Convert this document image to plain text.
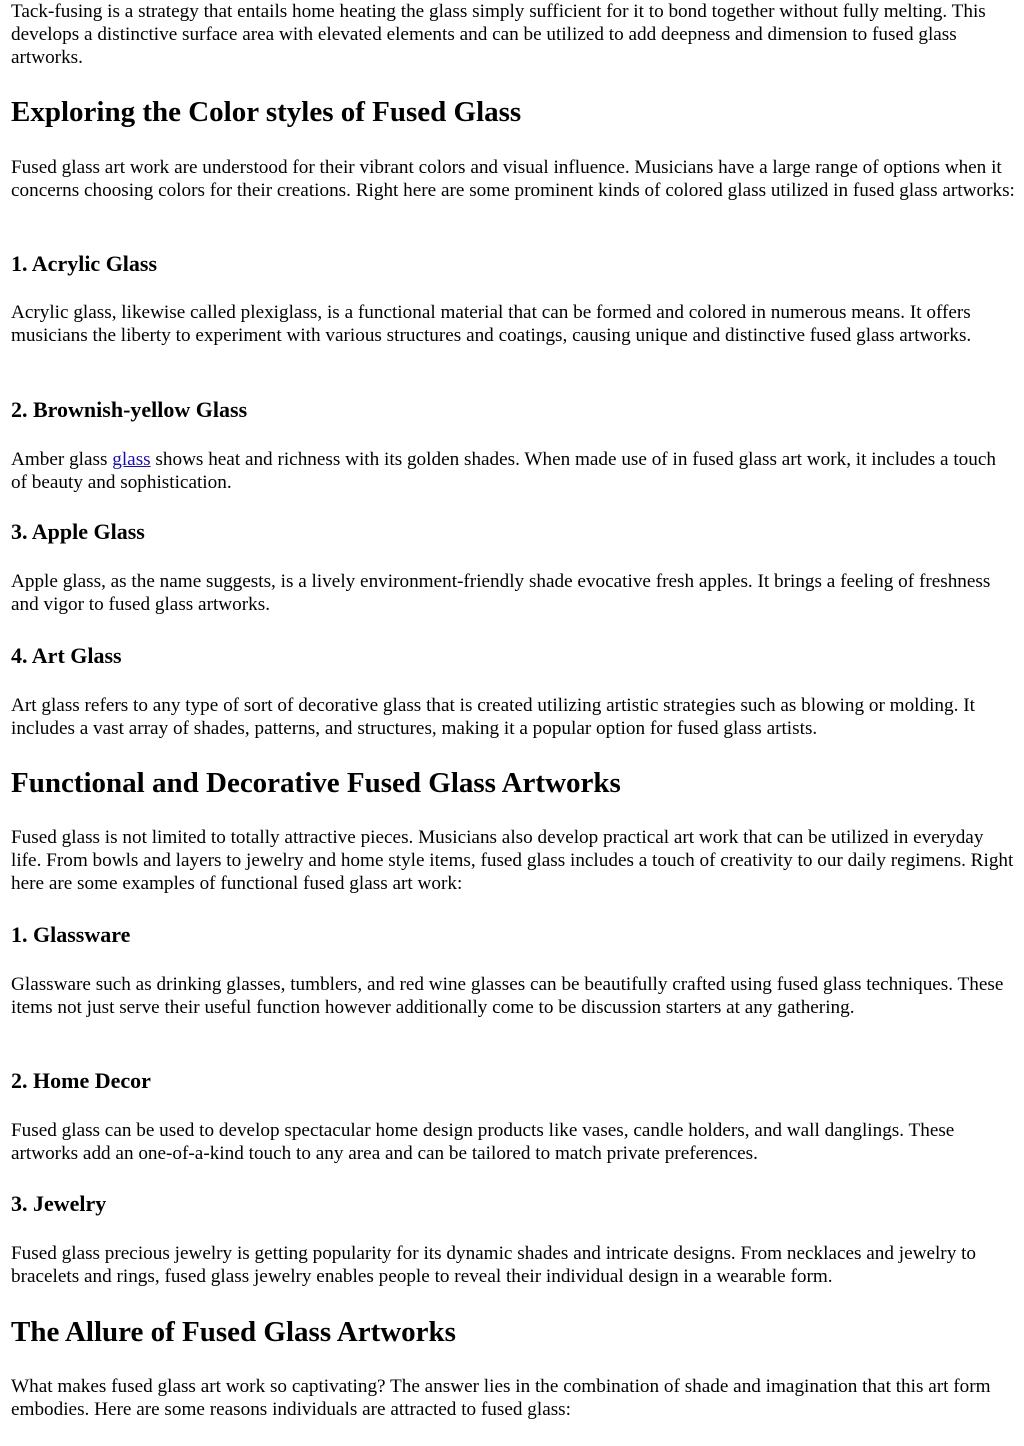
Tack-fusing is a strategy that entails home heating the glass simply sufficient for it to bond together without fully melting. This develops a distinctive surface area with elevated elements and can be utilized to add deepness and dimension to fused glass artworks.

Exploring the Color styles of Fused Glass

Fused glass art work are understood for their vibrant colors and visual influence. Musicians have a large range of options when it concerns choosing colors for their creations. Right here are some prominent kinds of colored glass utilized in fused glass artworks:

1. Acrylic Glass

Acrylic glass, likewise called plexiglass, is a functional material that can be formed and colored in numerous means. It offers musicians the liberty to experiment with various structures and coatings, causing unique and distinctive fused glass artworks.

2. Brownish-yellow Glass

Amber glass glass shows heat and richness with its golden shades. When made use of in fused glass art work, it includes a touch of beauty and sophistication.

3. Apple Glass

Apple glass, as the name suggests, is a lively environment-friendly shade evocative fresh apples. It brings a feeling of freshness and vigor to fused glass artworks.

4. Art Glass

Art glass refers to any type of sort of decorative glass that is created utilizing artistic strategies such as blowing or molding. It includes a vast array of shades, patterns, and structures, making it a popular option for fused glass artists.

Functional and Decorative Fused Glass Artworks

Fused glass is not limited to totally attractive pieces. Musicians also develop practical art work that can be utilized in everyday life. From bowls and layers to jewelry and home style items, fused glass includes a touch of creativity to our daily regimens. Right here are some examples of functional fused glass art work:

1. Glassware

Glassware such as drinking glasses, tumblers, and red wine glasses can be beautifully crafted using fused glass techniques. These items not just serve their useful function however additionally come to be discussion starters at any gathering.

2. Home Decor

Fused glass can be used to develop spectacular home design products like vases, candle holders, and wall danglings. These artworks add an one-of-a-kind touch to any area and can be tailored to match private preferences.

3. Jewelry

Fused glass precious jewelry is getting popularity for its dynamic shades and intricate designs. From necklaces and jewelry to bracelets and rings, fused glass jewelry enables people to reveal their individual design in a wearable form.

The Allure of Fused Glass Artworks

What makes fused glass art work so captivating? The answer lies in the combination of shade and imagination that this art form embodies. Here are some reasons individuals are attracted to fused glass:
